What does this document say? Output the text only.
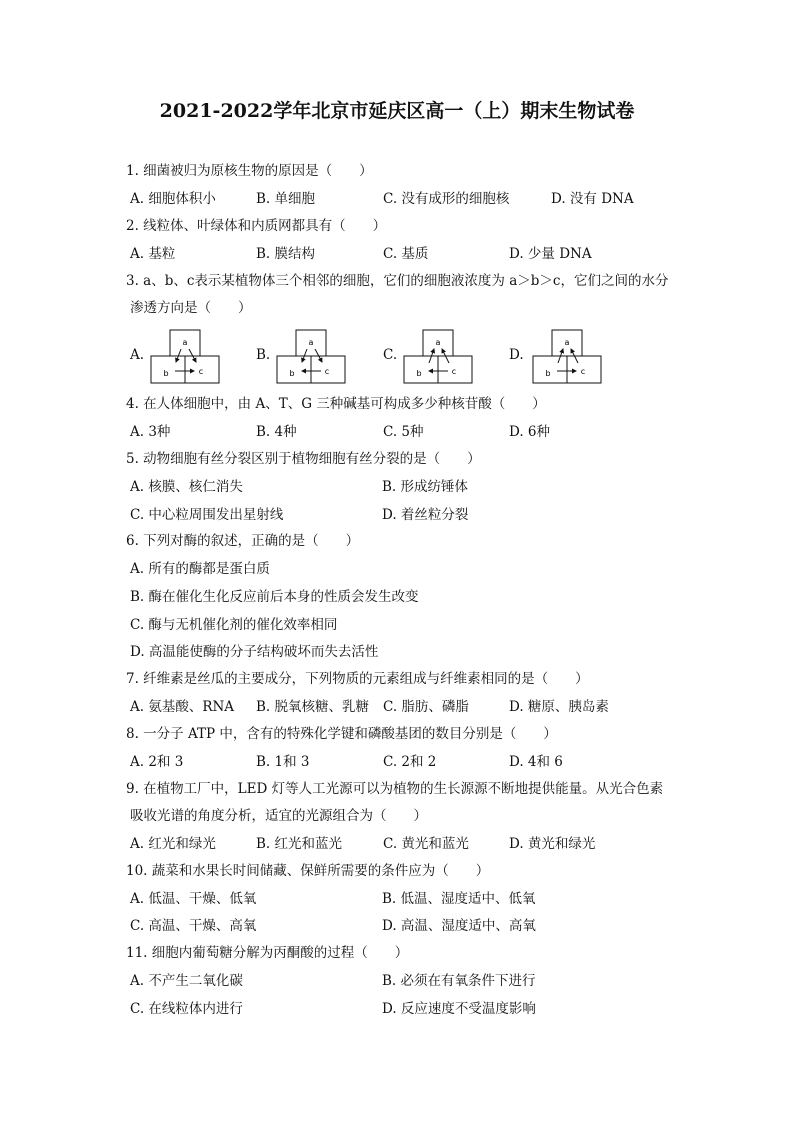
2021-2022学年北京市延庆区高一（上）期末生物试卷
1. 细菌被归为原核生物的原因是（　　）
A. 细胞体积小	B. 单细胞	C. 没有成形的细胞核	D. 没有 DNA
2. 线粒体、叶绿体和内质网都具有（　　）
A. 基粒	B. 膜结构	C. 基质	D. 少量 DNA
3. a、b、c表示某植物体三个相邻的细胞，它们的细胞液浓度为 a＞b＞c，它们之间的水分
渗透方向是（　　）
A.	B.	C.	D.
a
b	c
a
b	c
a
b	c
a
b	c
4. 在人体细胞中，由 A、T、G 三种碱基可构成多少种核苷酸（　　）
A. 3种	B. 4种	C. 5种	D. 6种
5. 动物细胞有丝分裂区别于植物细胞有丝分裂的是（　　）
A. 核膜、核仁消失	B. 形成纺锤体
C. 中心粒周围发出星射线	D. 着丝粒分裂
6. 下列对酶的叙述，正确的是（　　）
A. 所有的酶都是蛋白质
B. 酶在催化生化反应前后本身的性质会发生改变
C. 酶与无机催化剂的催化效率相同
D. 高温能使酶的分子结构破坏而失去活性
7. 纤维素是丝瓜的主要成分，下列物质的元素组成与纤维素相同的是（　　）
A. 氨基酸、RNA B. 脱氧核糖、乳糖 C. 脂肪、磷脂	D. 糖原、胰岛素
8. 一分子 ATP 中，含有的特殊化学键和磷酸基团的数目分别是（　　）
A. 2和 3	B. 1和 3	C. 2和 2	D. 4和 6
9. 在植物工厂中，LED 灯等人工光源可以为植物的生长源源不断地提供能量。从光合色素
吸收光谱的角度分析，适宜的光源组合为（　　）
A. 红光和绿光	B. 红光和蓝光	C. 黄光和蓝光	D. 黄光和绿光
10. 蔬菜和水果长时间储藏、保鲜所需要的条件应为（　　）
A. 低温、干燥、低氧	B. 低温、湿度适中、低氧
C. 高温、干燥、高氧	D. 高温、湿度适中、高氧
11. 细胞内葡萄糖分解为丙酮酸的过程（　　）
A. 不产生二氧化碳	B. 必须在有氧条件下进行
C. 在线粒体内进行	D. 反应速度不受温度影响
